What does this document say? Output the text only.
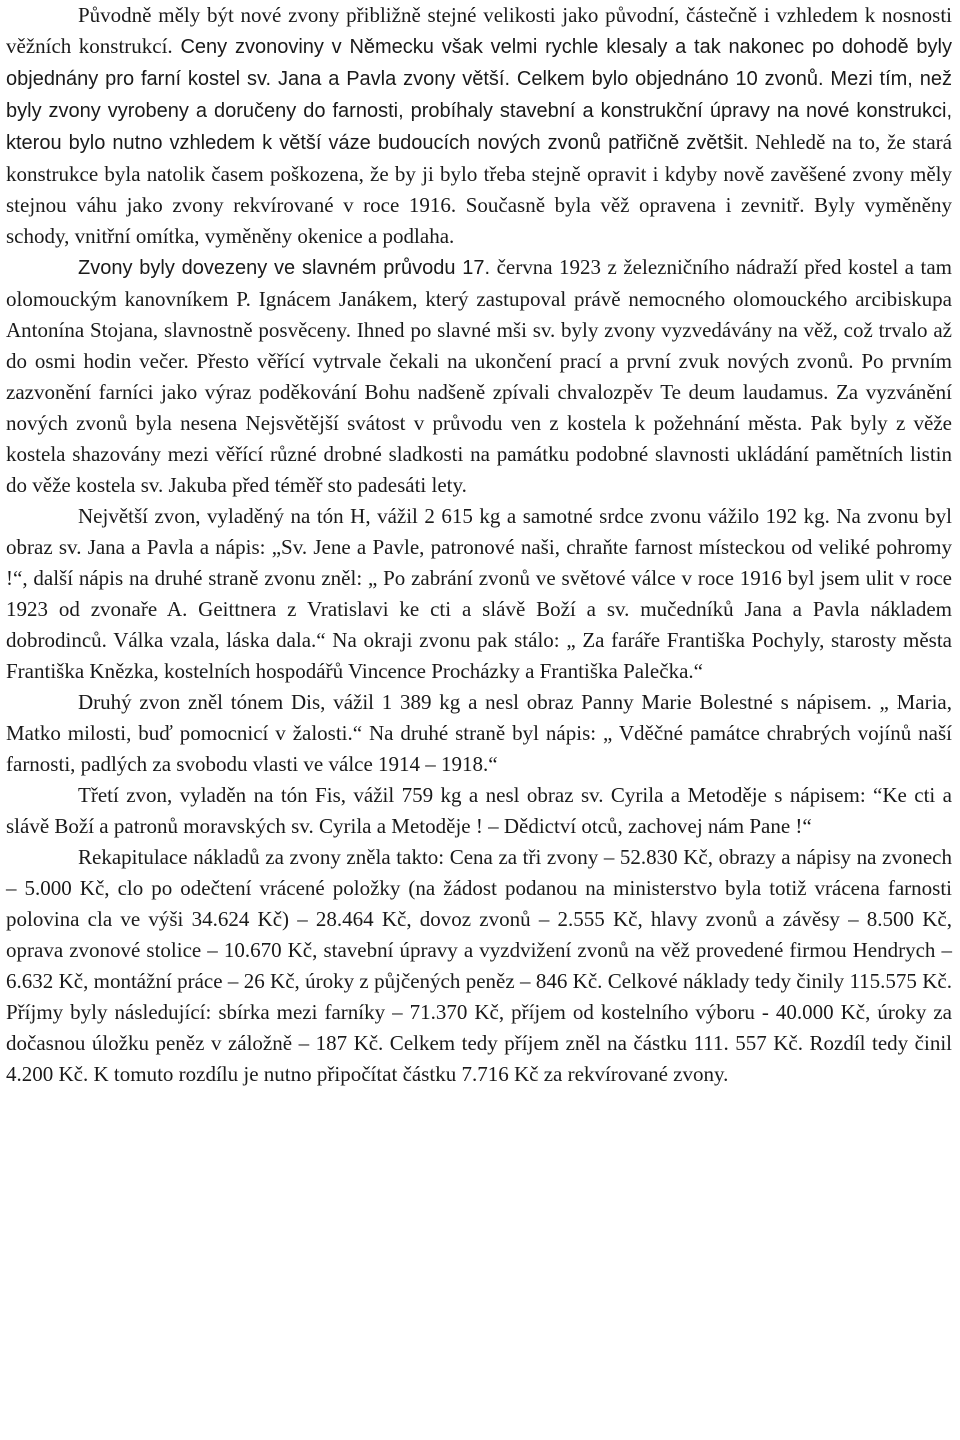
Původně měly být nové zvony přibližně stejné velikosti jako původní, částečně i vzhledem k nosnosti věžních konstrukcí. Ceny zvonoviny v Německu však velmi rychle klesaly a tak nakonec po dohodě byly objednány pro farní kostel sv. Jana a Pavla zvony větší. Celkem bylo objednáno 10 zvonů. Mezi tím, než byly zvony vyrobeny a doručeny do farnosti, probíhaly stavební a konstrukční úpravy na nové konstrukci, kterou bylo nutno vzhledem k větší váze budoucích nových zvonů patřičně zvětšit. Nehledě na to, že stará konstrukce byla natolik časem poškozena, že by ji bylo třeba stejně opravit i kdyby nově zavěšené zvony měly stejnou váhu jako zvony rekvírované v roce 1916. Současně byla věž opravena i zevnitř. Byly vyměněny schody, vnitřní omítka, vyměněny okenice a podlaha.

Zvony byly dovezeny ve slavném průvodu 17. června 1923 z železničního nádraží před kostel a tam olomouckým kanovníkem P. Ignácem Janákem, který zastupoval právě nemocného olomouckého arcibiskupa Antonína Stojana, slavnostně posvěceny. Ihned po slavné mši sv. byly zvony vyzvedávány na věž, což trvalo až do osmi hodin večer. Přesto věřící vytrvale čekali na ukončení prací a první zvuk nových zvonů. Po prvním zazvonění farníci jako výraz poděkování Bohu nadšeně zpívali chvalozpěv Te deum laudamus. Za vyzvánění nových zvonů byla nesena Nejsvětější svátost v průvodu ven z kostela k požehnání města. Pak byly z věže kostela shazovány mezi věřící různé drobné sladkosti na památku podobné slavnosti ukládání pamětních listin do věže kostela sv. Jakuba před téměř sto padesáti lety.

Největší zvon, vyladěný na tón H, vážil 2 615 kg a samotné srdce zvonu vážilo 192 kg. Na zvonu byl obraz sv. Jana a Pavla a nápis: „Sv. Jene a Pavle, patronové naši, chraňte farnost místeckou od veliké pohromy !“, další nápis na druhé straně zvonu zněl: „ Po zabrání zvonů ve světové válce v roce 1916 byl jsem ulit v roce 1923 od zvonaře A. Geittnera z Vratislavi ke cti a slávě Boží a sv. mučedníků Jana a Pavla nákladem dobrodinců. Válka vzala, láska dala.“ Na okraji zvonu pak stálo: „ Za faráře Františka Pochyly, starosty města Františka Knězka, kostelních hospodářů Vincence Procházky a Františka Palečka.“

Druhý zvon zněl tónem Dis, vážil 1 389 kg a nesl obraz Panny Marie Bolestné s nápisem. „ Maria, Matko milosti, buď pomocnicí v žalosti.“ Na druhé straně byl nápis: „ Vděčné památce chrabrých vojínů naší farnosti, padlých za svobodu vlasti ve válce 1914 – 1918.“

Třetí zvon, vyladěn na tón Fis, vážil 759 kg a nesl obraz sv. Cyrila a Metoděje s nápisem: “Ke cti a slávě Boží a patronů moravských sv. Cyrila a Metoděje ! – Dědictví otců, zachovej nám Pane !“

Rekapitulace nákladů za zvony zněla takto: Cena za tři zvony – 52.830 Kč, obrazy a nápisy na zvonech – 5.000 Kč, clo po odečtení vrácené položky (na žádost podanou na ministerstvo byla totiž vrácena farnosti polovina cla ve výši 34.624 Kč) – 28.464 Kč, dovoz zvonů – 2.555 Kč, hlavy zvonů a závěsy – 8.500 Kč, oprava zvonové stolice – 10.670 Kč, stavební úpravy a vyzdvižení zvonů na věž provedené firmou Hendrych – 6.632 Kč, montážní práce – 26 Kč, úroky z půjčených peněz – 846 Kč. Celkové náklady tedy činily 115.575 Kč. Příjmy byly následující: sbírka mezi farníky – 71.370 Kč, příjem od kostelního výboru - 40.000 Kč, úroky za dočasnou úložku peněz v záložně – 187 Kč. Celkem tedy příjem zněl na částku 111. 557 Kč. Rozdíl tedy činil 4.200 Kč. K tomuto rozdílu je nutno připočítat částku 7.716 Kč za rekvírované zvony.
